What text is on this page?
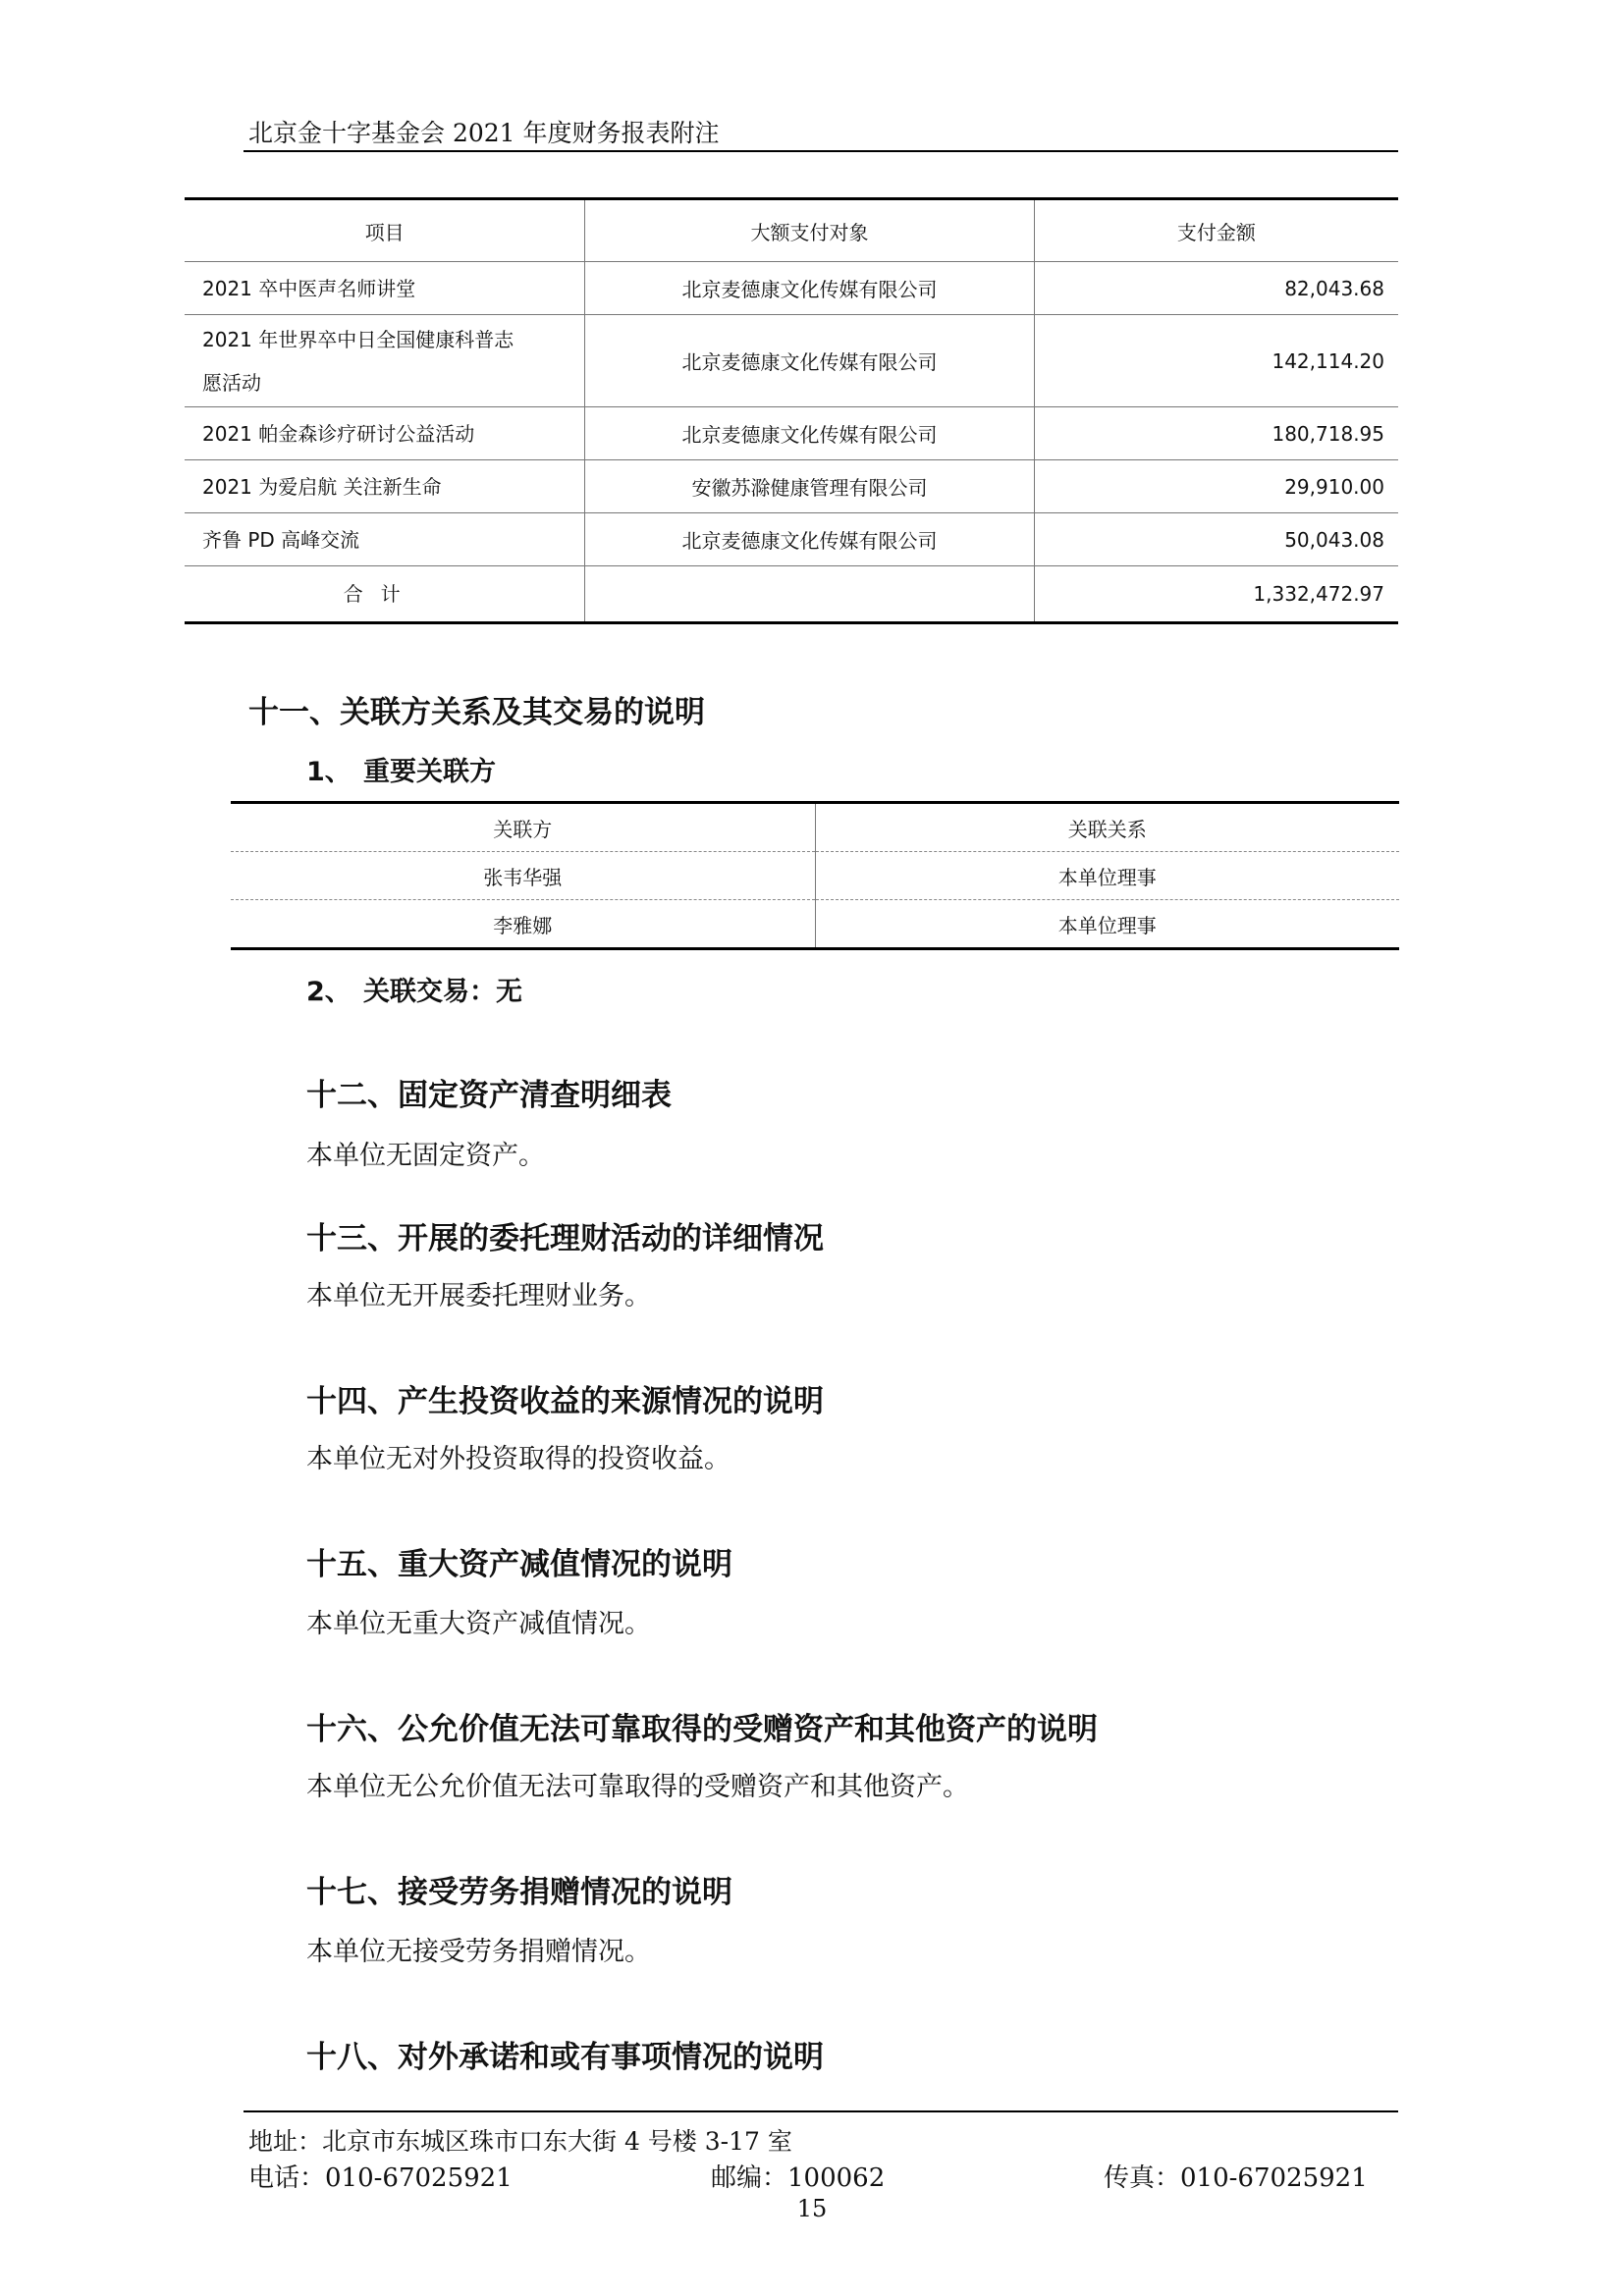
北京金十字基金会 2021 年度财务报表附注
项目	大额支付对象	支付金额
2021 卒中医声名师讲堂	北京麦德康文化传媒有限公司	82,043.68

2021 年世界卒中日全国健康科普志
愿活动	北京麦德康文化传媒有限公司	142,114.20
2021 帕金森诊疗研讨公益活动	北京麦德康文化传媒有限公司	180,718.95
2021 为爱启航 关注新生命	安徽苏滁健康管理有限公司	29,910.00
齐鲁 PD 高峰交流	北京麦德康文化传媒有限公司	50,043.08
合计		1,332,472.97
十一、关联方关系及其交易的说明
1、 重要关联方
关联方	关联关系
张韦华强	本单位理事
李雅娜	本单位理事
2、 关联交易：无
十二、固定资产清查明细表
本单位无固定资产。
十三、开展的委托理财活动的详细情况
本单位无开展委托理财业务。
十四、产生投资收益的来源情况的说明
本单位无对外投资取得的投资收益。
十五、重大资产减值情况的说明
本单位无重大资产减值情况。
十六、公允价值无法可靠取得的受赠资产和其他资产的说明
本单位无公允价值无法可靠取得的受赠资产和其他资产。
十七、接受劳务捐赠情况的说明
本单位无接受劳务捐赠情况。
十八、对外承诺和或有事项情况的说明
地址：北京市东城区珠市口东大街 4 号楼 3-17 室
电话：010-67025921	邮编：100062	传真：010-67025921
15
